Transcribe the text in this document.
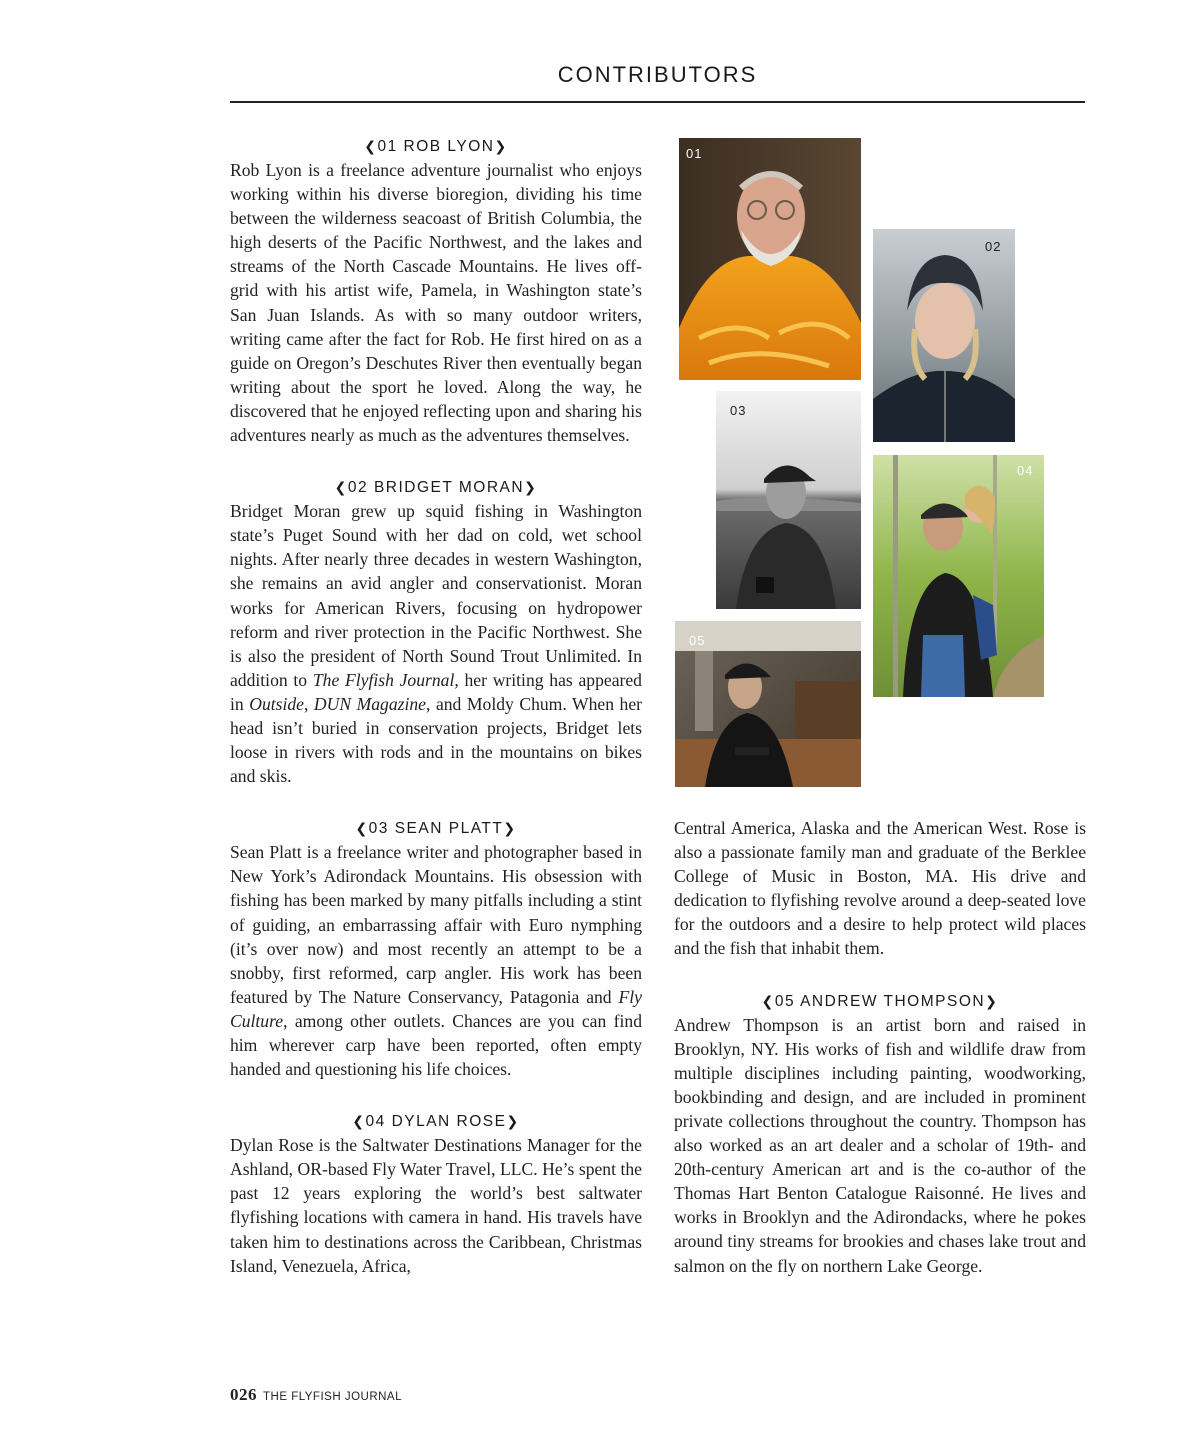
CONTRIBUTORS
❮01 ROB LYON❯

Rob Lyon is a freelance adventure journalist who enjoys working within his diverse bioregion, dividing his time between the wilderness seacoast of British Columbia, the high deserts of the Pacific Northwest, and the lakes and streams of the North Cascade Mountains. He lives off-grid with his artist wife, Pamela, in Washington state’s San Juan Islands. As with so many outdoor writers, writing came after the fact for Rob. He first hired on as a guide on Oregon’s Deschutes River then eventually began writing about the sport he loved. Along the way, he discovered that he enjoyed reflecting upon and sharing his adventures nearly as much as the adventures themselves.

❮02 BRIDGET MORAN❯

Bridget Moran grew up squid fishing in Washington state’s Puget Sound with her dad on cold, wet school nights. After nearly three decades in western Washington, she remains an avid angler and conservationist. Moran works for American Rivers, focusing on hydropower reform and river protection in the Pacific Northwest. She is also the president of North Sound Trout Unlimited. In addition to The Flyfish Journal, her writing has appeared in Outside, DUN Magazine, and Moldy Chum. When her head isn’t buried in conservation projects, Bridget lets loose in rivers with rods and in the mountains on bikes and skis.

❮03 SEAN PLATT❯

Sean Platt is a freelance writer and photographer based in New York’s Adirondack Mountains. His obsession with fishing has been marked by many pitfalls including a stint of guiding, an embarrassing affair with Euro nymphing (it’s over now) and most recently an attempt to be a snobby, first reformed, carp angler. His work has been featured by The Nature Conservancy, Patagonia and Fly Culture, among other outlets. Chances are you can find him wherever carp have been reported, often empty handed and questioning his life choices.

❮04 DYLAN ROSE❯

Dylan Rose is the Saltwater Destinations Manager for the Ashland, OR-based Fly Water Travel, LLC. He’s spent the past 12 years exploring the world’s best saltwater flyfishing locations with camera in hand. His travels have taken him to destinations across the Caribbean, Christmas Island, Venezuela, Africa,

Central America, Alaska and the American West. Rose is also a passionate family man and graduate of the Berklee College of Music in Boston, MA. His drive and dedication to flyfishing revolve around a deep-seated love for the outdoors and a desire to help protect wild places and the fish that inhabit them.

❮05 ANDREW THOMPSON❯

Andrew Thompson is an artist born and raised in Brooklyn, NY. His works of fish and wildlife draw from multiple disciplines including painting, woodworking, bookbinding and design, and are included in prominent private collections throughout the country. Thompson has also worked as an art dealer and a scholar of 19th- and 20th-century American art and is the co-author of the Thomas Hart Benton Catalogue Raisonné. He lives and works in Brooklyn and the Adirondacks, where he pokes around tiny streams for brookies and chases lake trout and salmon on the fly on northern Lake George.

01
02
03
04
05
026 THE FLYFISH JOURNAL
